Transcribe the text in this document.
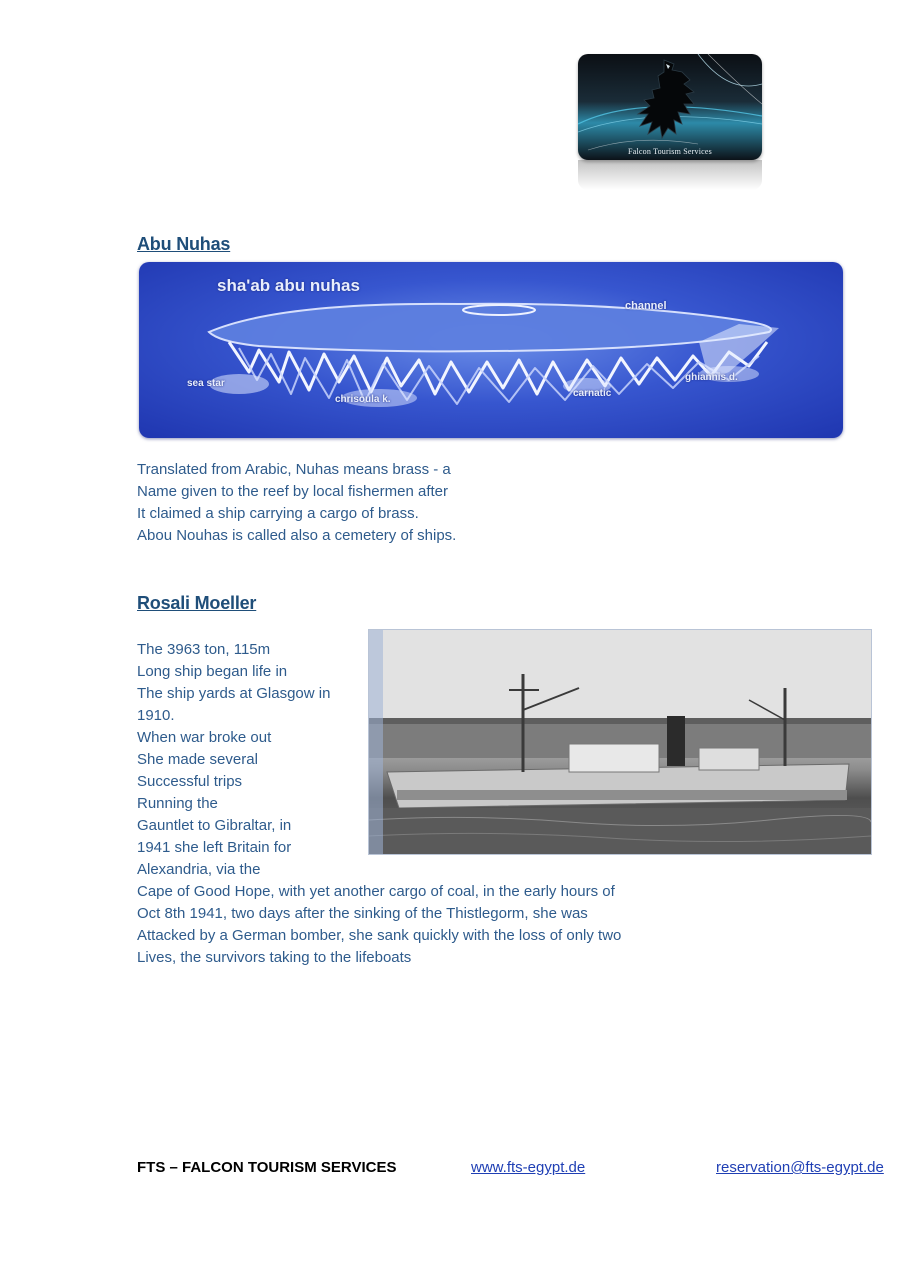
Falcon Tourism Services
Abu Nuhas
sha'ab abu nuhas
channel
sea star
chrisoula k.
carnatic
ghiannis d.
Translated from Arabic, Nuhas means brass - a
Name given to the reef by local fishermen after
It claimed a ship carrying a cargo of brass.
Abou Nouhas is called also a cemetery of ships.
Rosali Moeller
The 3963 ton, 115m
Long ship began life in
The ship yards at Glasgow in
1910.
When war broke out
She made several
Successful trips
Running the
Gauntlet to Gibraltar, in
1941 she left Britain for
Alexandria, via the
Cape of Good Hope, with yet another cargo of coal, in the early hours of
Oct 8th 1941, two days after the sinking of the Thistlegorm, she was
Attacked by a German bomber, she sank quickly with the loss of only two
Lives, the survivors taking to the lifeboats
FTS – FALCON TOURISM SERVICES	www.fts-egypt.de	reservation@fts-egypt.de
